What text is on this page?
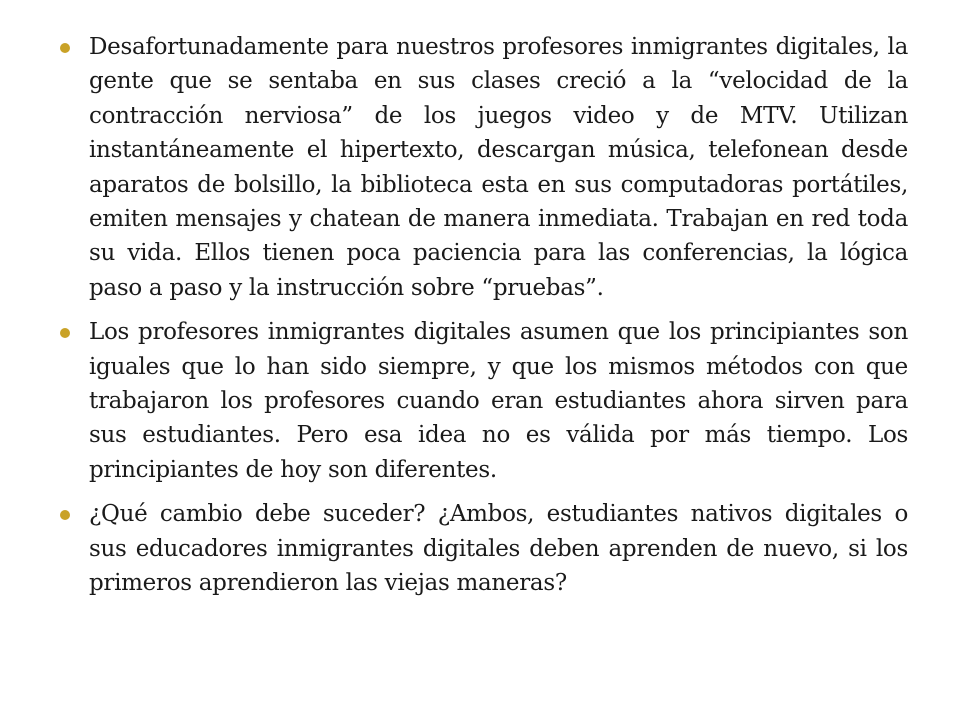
Desafortunadamente para nuestros profesores inmigrantes digitales, la gente que se sentaba en sus clases creció a la “velocidad de la contracción nerviosa” de los juegos video y de MTV. Utilizan instantáneamente el hipertexto, descargan música, telefonean desde aparatos de bolsillo, la biblioteca esta en sus computadoras portátiles, emiten mensajes y chatean de manera inmediata. Trabajan en red toda su vida. Ellos tienen poca paciencia para las conferencias, la lógica paso a paso y la instrucción sobre “pruebas”.
Los profesores inmigrantes digitales asumen que los principiantes son iguales que lo han sido siempre, y que los mismos métodos con que trabajaron los profesores cuando eran estudiantes ahora sirven para sus estudiantes. Pero esa idea no es válida por más tiempo. Los principiantes de hoy son diferentes.
¿Qué cambio debe suceder? ¿Ambos, estudiantes nativos digitales o sus educadores inmigrantes digitales deben aprenden de nuevo, si los primeros aprendieron las viejas maneras?
